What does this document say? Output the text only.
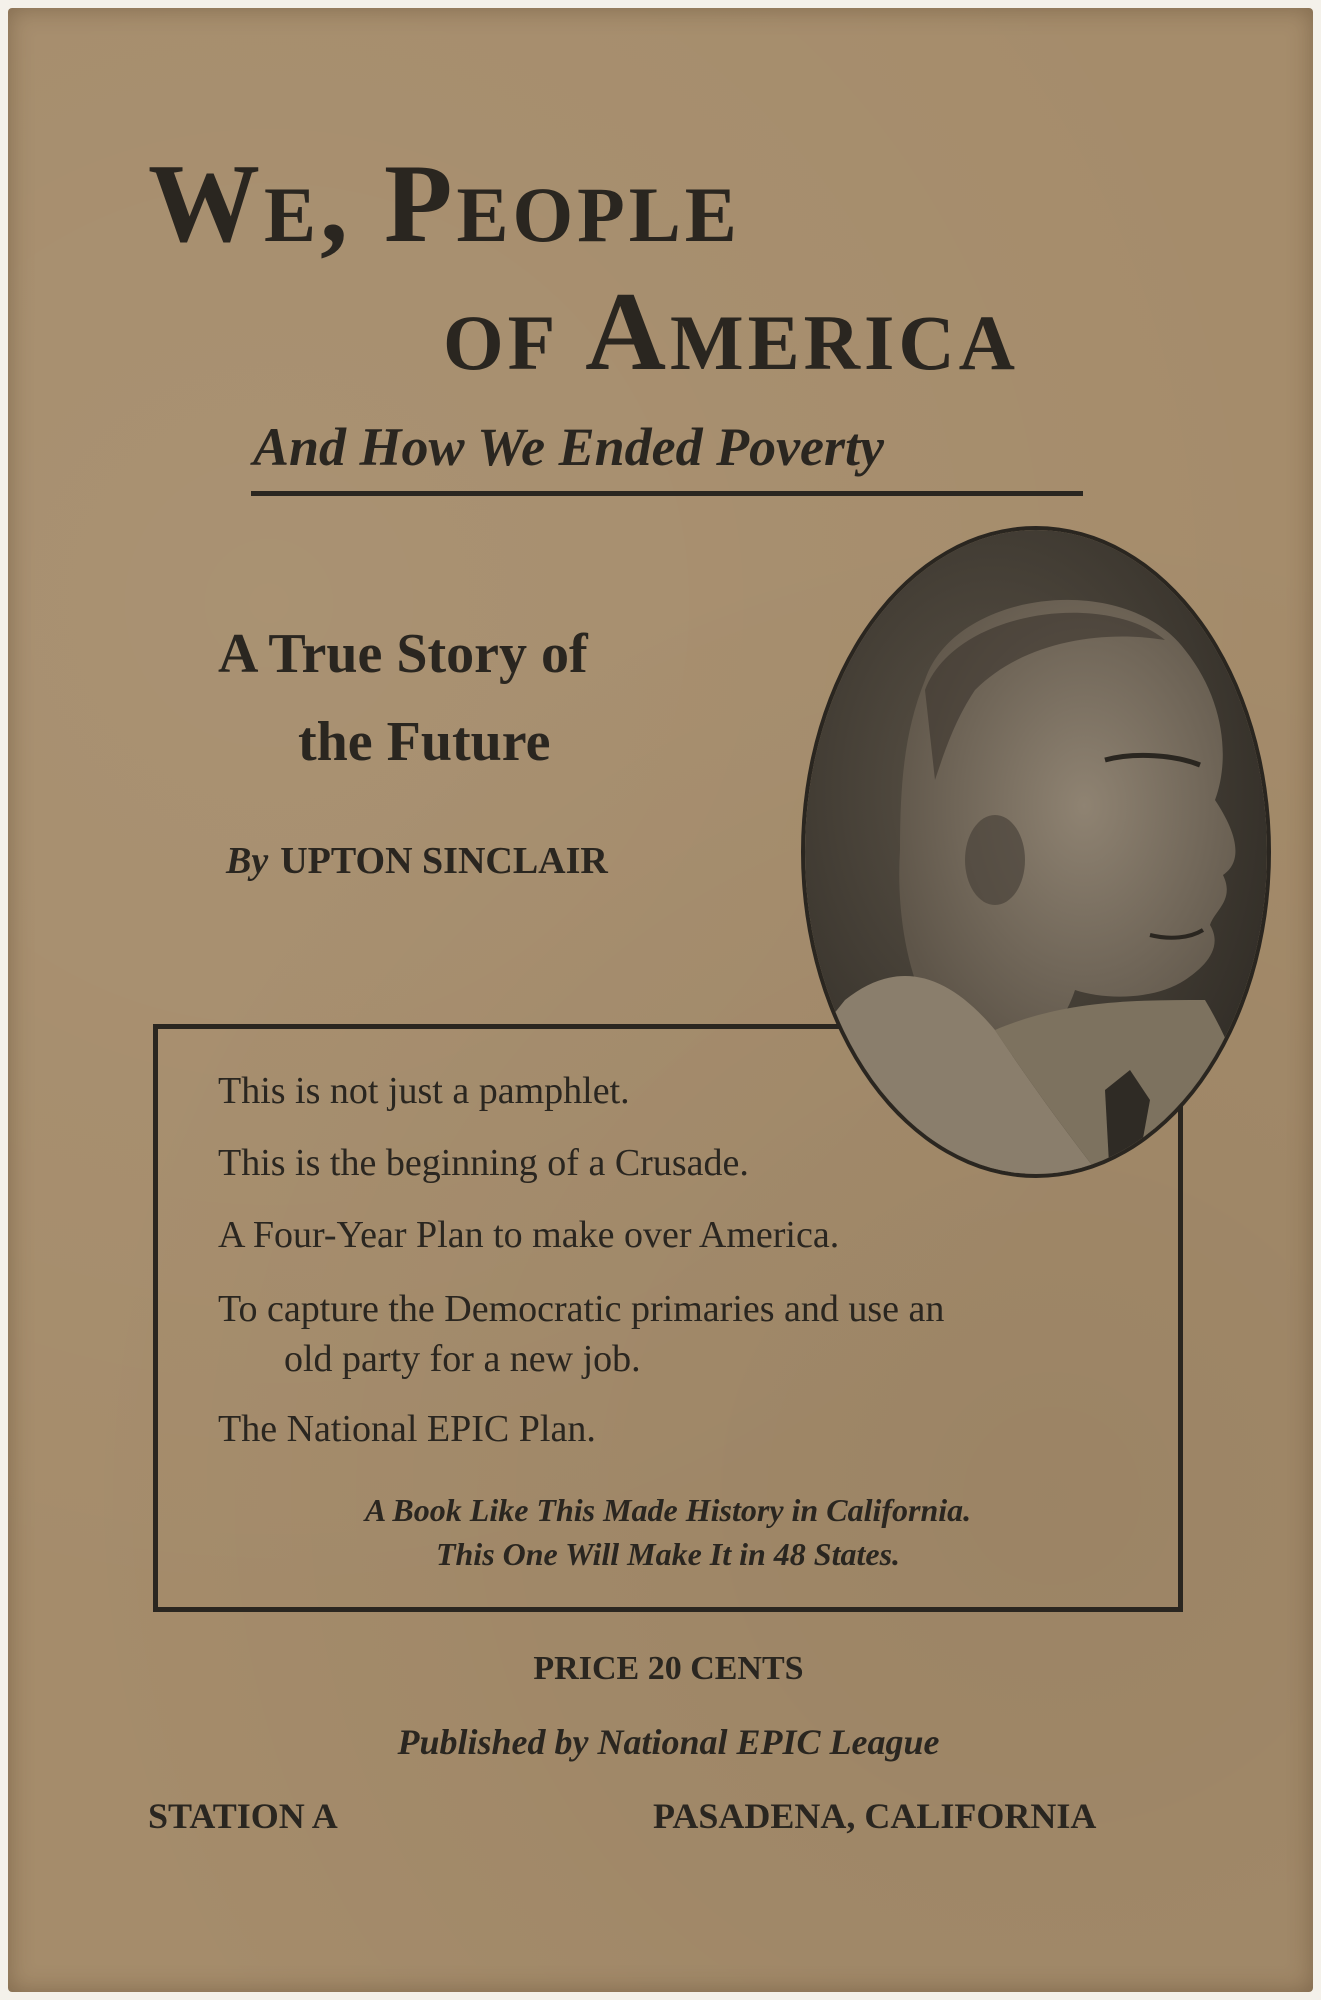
We, People
of America
And How We Ended Poverty
A True Story of
the Future
By UPTON SINCLAIR
This is not just a pamphlet.
This is the beginning of a Crusade.
A Four-Year Plan to make over America.
To capture the Democratic primaries and use an
old party for a new job.
The National EPIC Plan.
A Book Like This Made History in California.
This One Will Make It in 48 States.
PRICE 20 CENTS
Published by National EPIC League
STATION A	PASADENA, CALIFORNIA
